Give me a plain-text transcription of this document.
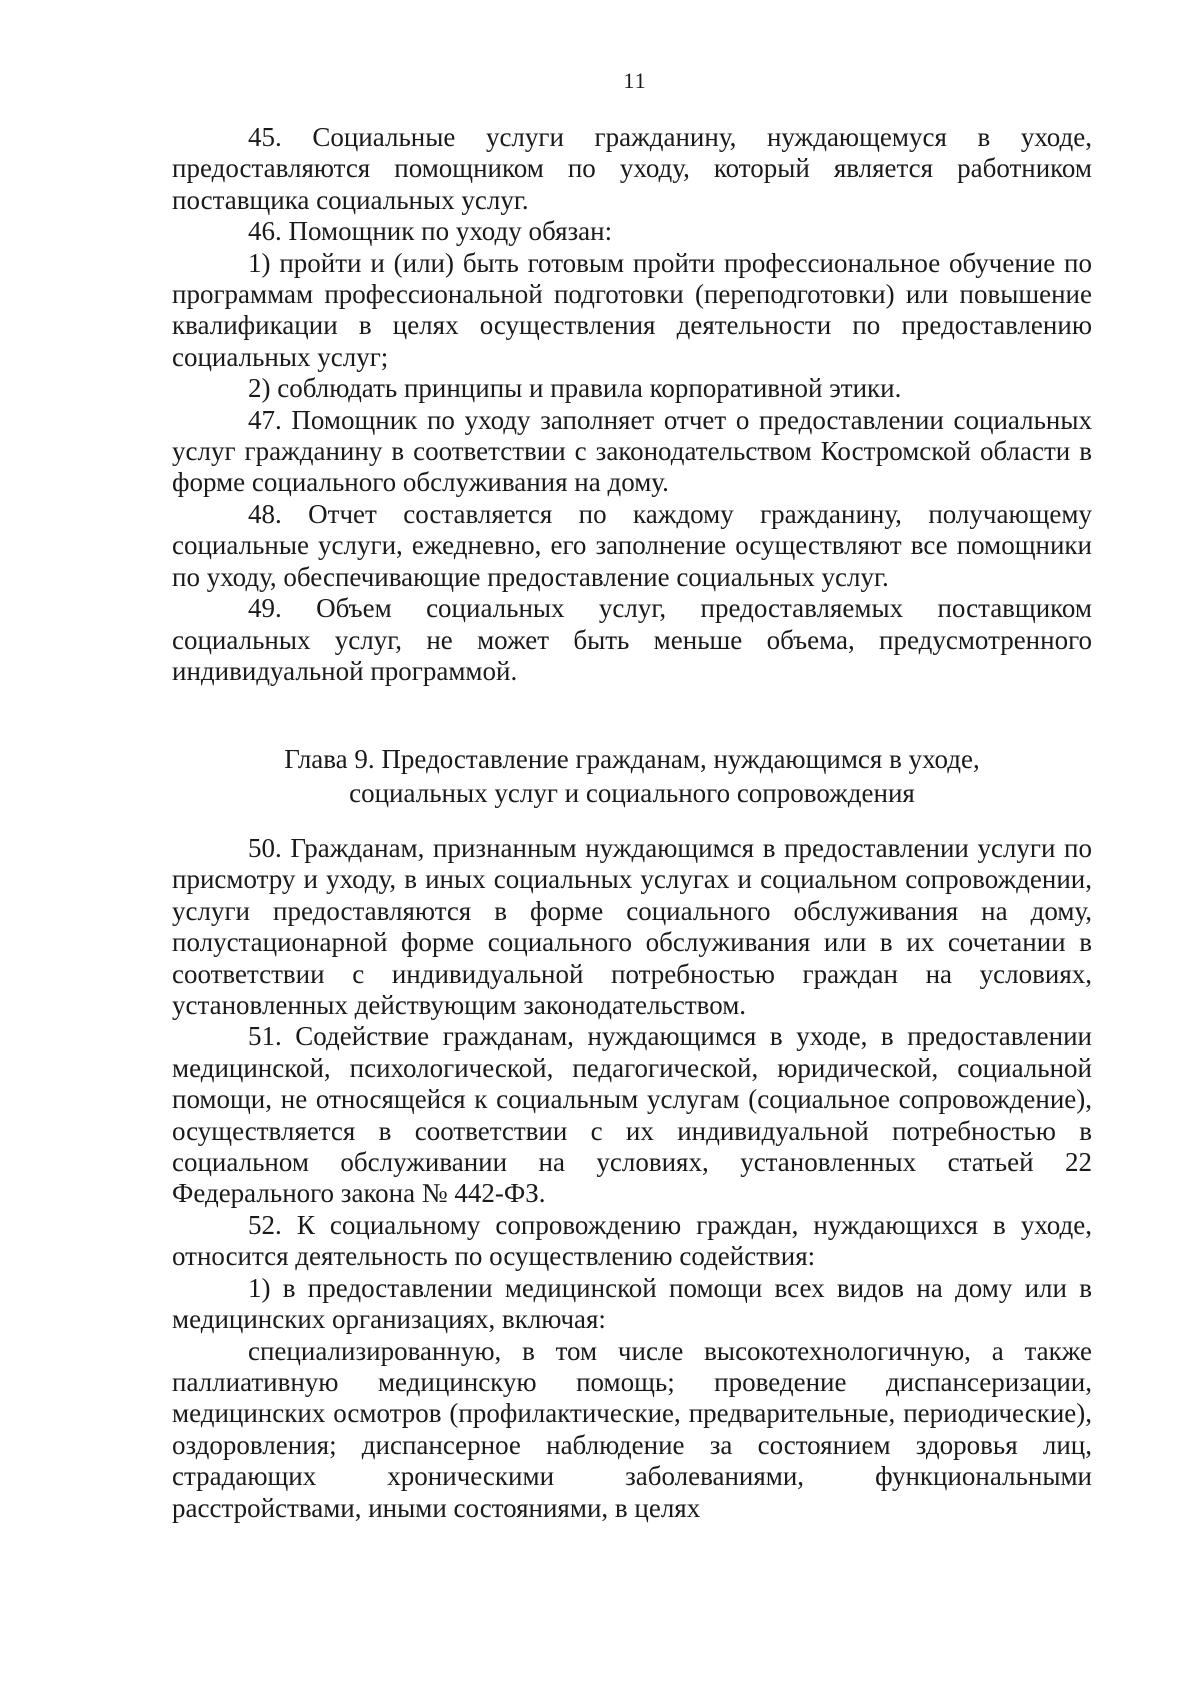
11

45. Социальные услуги гражданину, нуждающемуся в уходе, предоставляются помощником по уходу, который является работником поставщика социальных услуг.

46. Помощник по уходу обязан:

1) пройти и (или) быть готовым пройти профессиональное обучение по программам профессиональной подготовки (переподготовки) или повышение квалификации в целях осуществления деятельности по предоставлению социальных услуг;

2) соблюдать принципы и правила корпоративной этики.

47. Помощник по уходу заполняет отчет о предоставлении социальных услуг гражданину в соответствии с законодательством Костромской области в форме социального обслуживания на дому.

48. Отчет составляется по каждому гражданину, получающему социальные услуги, ежедневно, его заполнение осуществляют все помощники по уходу, обеспечивающие предоставление социальных услуг.

49. Объем социальных услуг, предоставляемых поставщиком социальных услуг, не может быть меньше объема, предусмотренного индивидуальной программой.

Глава 9. Предоставление гражданам, нуждающимся в уходе,
социальных услуг и социального сопровождения

50. Гражданам, признанным нуждающимся в предоставлении услуги по присмотру и уходу, в иных социальных услугах и социальном сопровождении, услуги предоставляются в форме социального обслуживания на дому, полустационарной форме социального обслуживания или в их сочетании в соответствии с индивидуальной потребностью граждан на условиях, установленных действующим законодательством.

51. Содействие гражданам, нуждающимся в уходе, в предоставлении медицинской, психологической, педагогической, юридической, социальной помощи, не относящейся к социальным услугам (социальное сопровождение), осуществляется в соответствии с их индивидуальной потребностью в социальном обслуживании на условиях, установленных статьей 22 Федерального закона № 442-ФЗ.

52. К социальному сопровождению граждан, нуждающихся в уходе, относится деятельность по осуществлению содействия:

1) в предоставлении медицинской помощи всех видов на дому или в медицинских организациях, включая:

специализированную, в том числе высокотехнологичную, а также паллиативную медицинскую помощь; проведение диспансеризации, медицинских осмотров (профилактические, предварительные, периодические), оздоровления; диспансерное наблюдение за состоянием здоровья лиц, страдающих хроническими заболеваниями, функциональными расстройствами, иными состояниями, в целях
